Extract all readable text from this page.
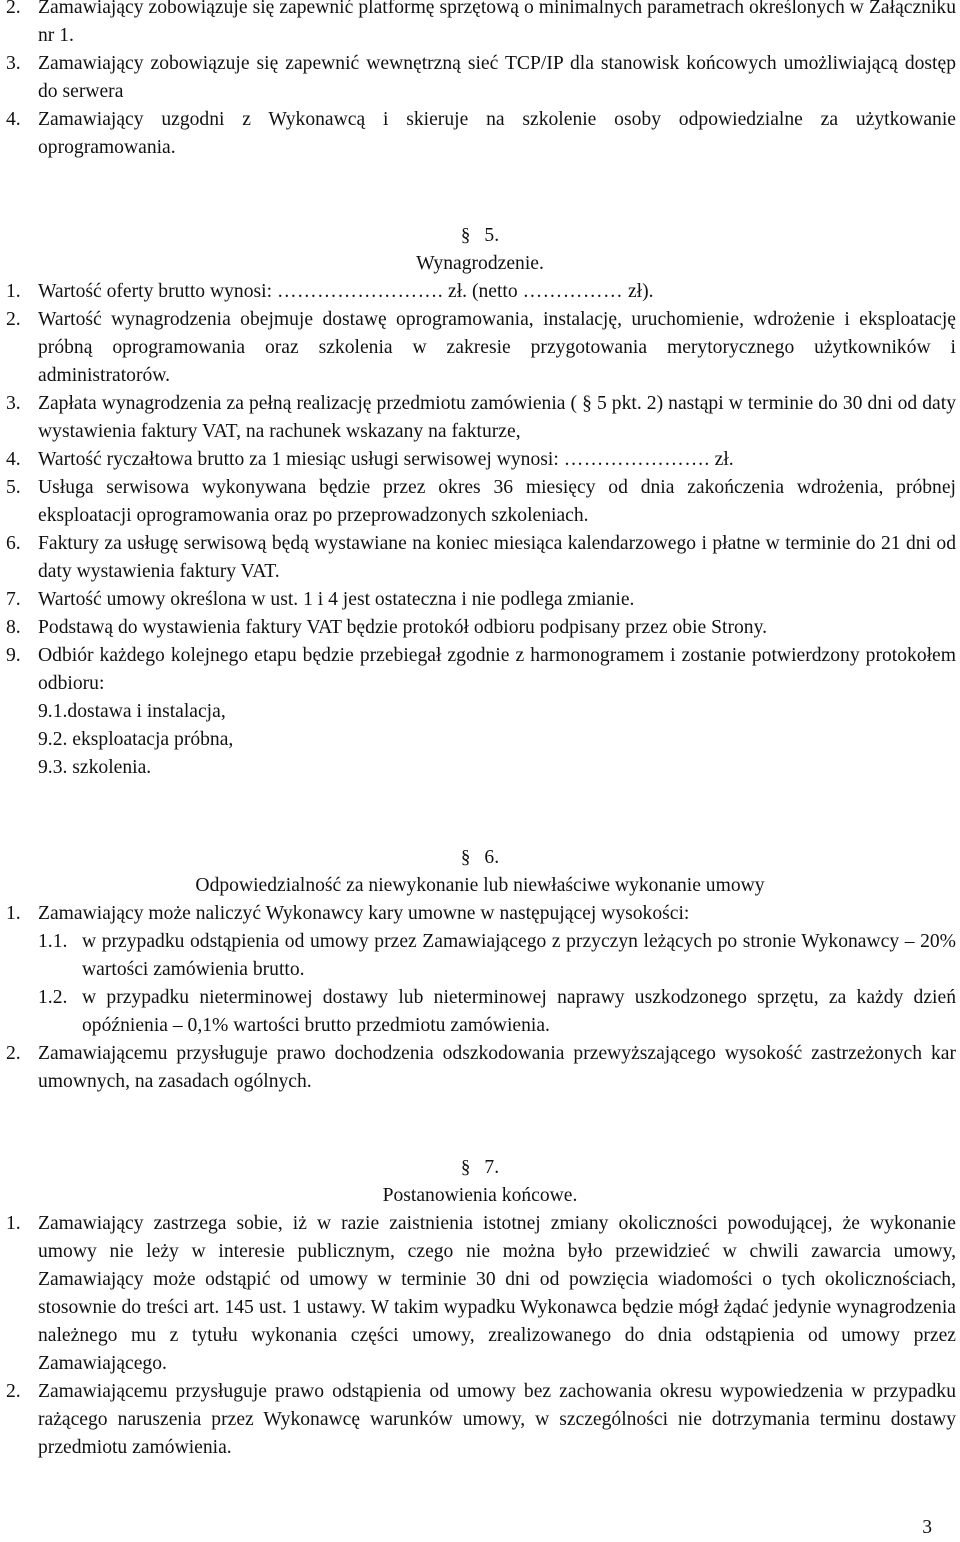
2. Zamawiający zobowiązuje się zapewnić platformę sprzętową o minimalnych parametrach określonych w Załączniku nr 1.
3. Zamawiający zobowiązuje się zapewnić wewnętrzną sieć TCP/IP dla stanowisk końcowych umożliwiającą dostęp do serwera
4. Zamawiający uzgodni z Wykonawcą i skieruje na szkolenie osoby odpowiedzialne za użytkowanie oprogramowania.
§ 5.
Wynagrodzenie.
1. Wartość oferty brutto wynosi: ……………………. zł. (netto …………… zł).
2. Wartość wynagrodzenia obejmuje dostawę oprogramowania, instalację, uruchomienie, wdrożenie i eksploatację próbną oprogramowania oraz szkolenia w zakresie przygotowania merytorycznego użytkowników i administratorów.
3. Zapłata wynagrodzenia za pełną realizację przedmiotu zamówienia ( § 5 pkt. 2) nastąpi w terminie do 30 dni od daty wystawienia faktury VAT, na rachunek wskazany na fakturze,
4. Wartość ryczałtowa brutto za 1 miesiąc usługi serwisowej wynosi: …………………. zł.
5. Usługa serwisowa wykonywana będzie przez okres 36 miesięcy od dnia zakończenia wdrożenia, próbnej eksploatacji oprogramowania oraz po przeprowadzonych szkoleniach.
6. Faktury za usługę serwisową będą wystawiane na koniec miesiąca kalendarzowego i płatne w terminie do 21 dni od daty wystawienia faktury VAT.
7. Wartość umowy określona w ust. 1 i 4 jest ostateczna i nie podlega zmianie.
8. Podstawą do wystawienia faktury VAT będzie protokół odbioru podpisany przez obie Strony.
9. Odbiór każdego kolejnego etapu będzie przebiegał zgodnie z harmonogramem i zostanie potwierdzony protokołem odbioru:
9.1.dostawa i instalacja,
9.2. eksploatacja próbna,
9.3. szkolenia.
§ 6.
Odpowiedzialność za niewykonanie lub niewłaściwe wykonanie umowy
1. Zamawiający może naliczyć Wykonawcy kary umowne w następującej wysokości:
1.1. w przypadku odstąpienia od umowy przez Zamawiającego z przyczyn leżących po stronie Wykonawcy – 20% wartości zamówienia brutto.
1.2. w przypadku nieterminowej dostawy lub nieterminowej naprawy uszkodzonego sprzętu, za każdy dzień opóźnienia – 0,1% wartości brutto przedmiotu zamówienia.
2. Zamawiającemu przysługuje prawo dochodzenia odszkodowania przewyższającego wysokość zastrzeżonych kar umownych, na zasadach ogólnych.
§ 7.
Postanowienia końcowe.
1. Zamawiający zastrzega sobie, iż w razie zaistnienia istotnej zmiany okoliczności powodującej, że wykonanie umowy nie leży w interesie publicznym, czego nie można było przewidzieć w chwili zawarcia umowy, Zamawiający może odstąpić od umowy w terminie 30 dni od powzięcia wiadomości o tych okolicznościach, stosownie do treści art. 145 ust. 1 ustawy. W takim wypadku Wykonawca będzie mógł żądać jedynie wynagrodzenia należnego mu z tytułu wykonania części umowy, zrealizowanego do dnia odstąpienia od umowy przez Zamawiającego.
2. Zamawiającemu przysługuje prawo odstąpienia od umowy bez zachowania okresu wypowiedzenia w przypadku rażącego naruszenia przez Wykonawcę warunków umowy, w szczególności nie dotrzymania terminu dostawy przedmiotu zamówienia.
3
